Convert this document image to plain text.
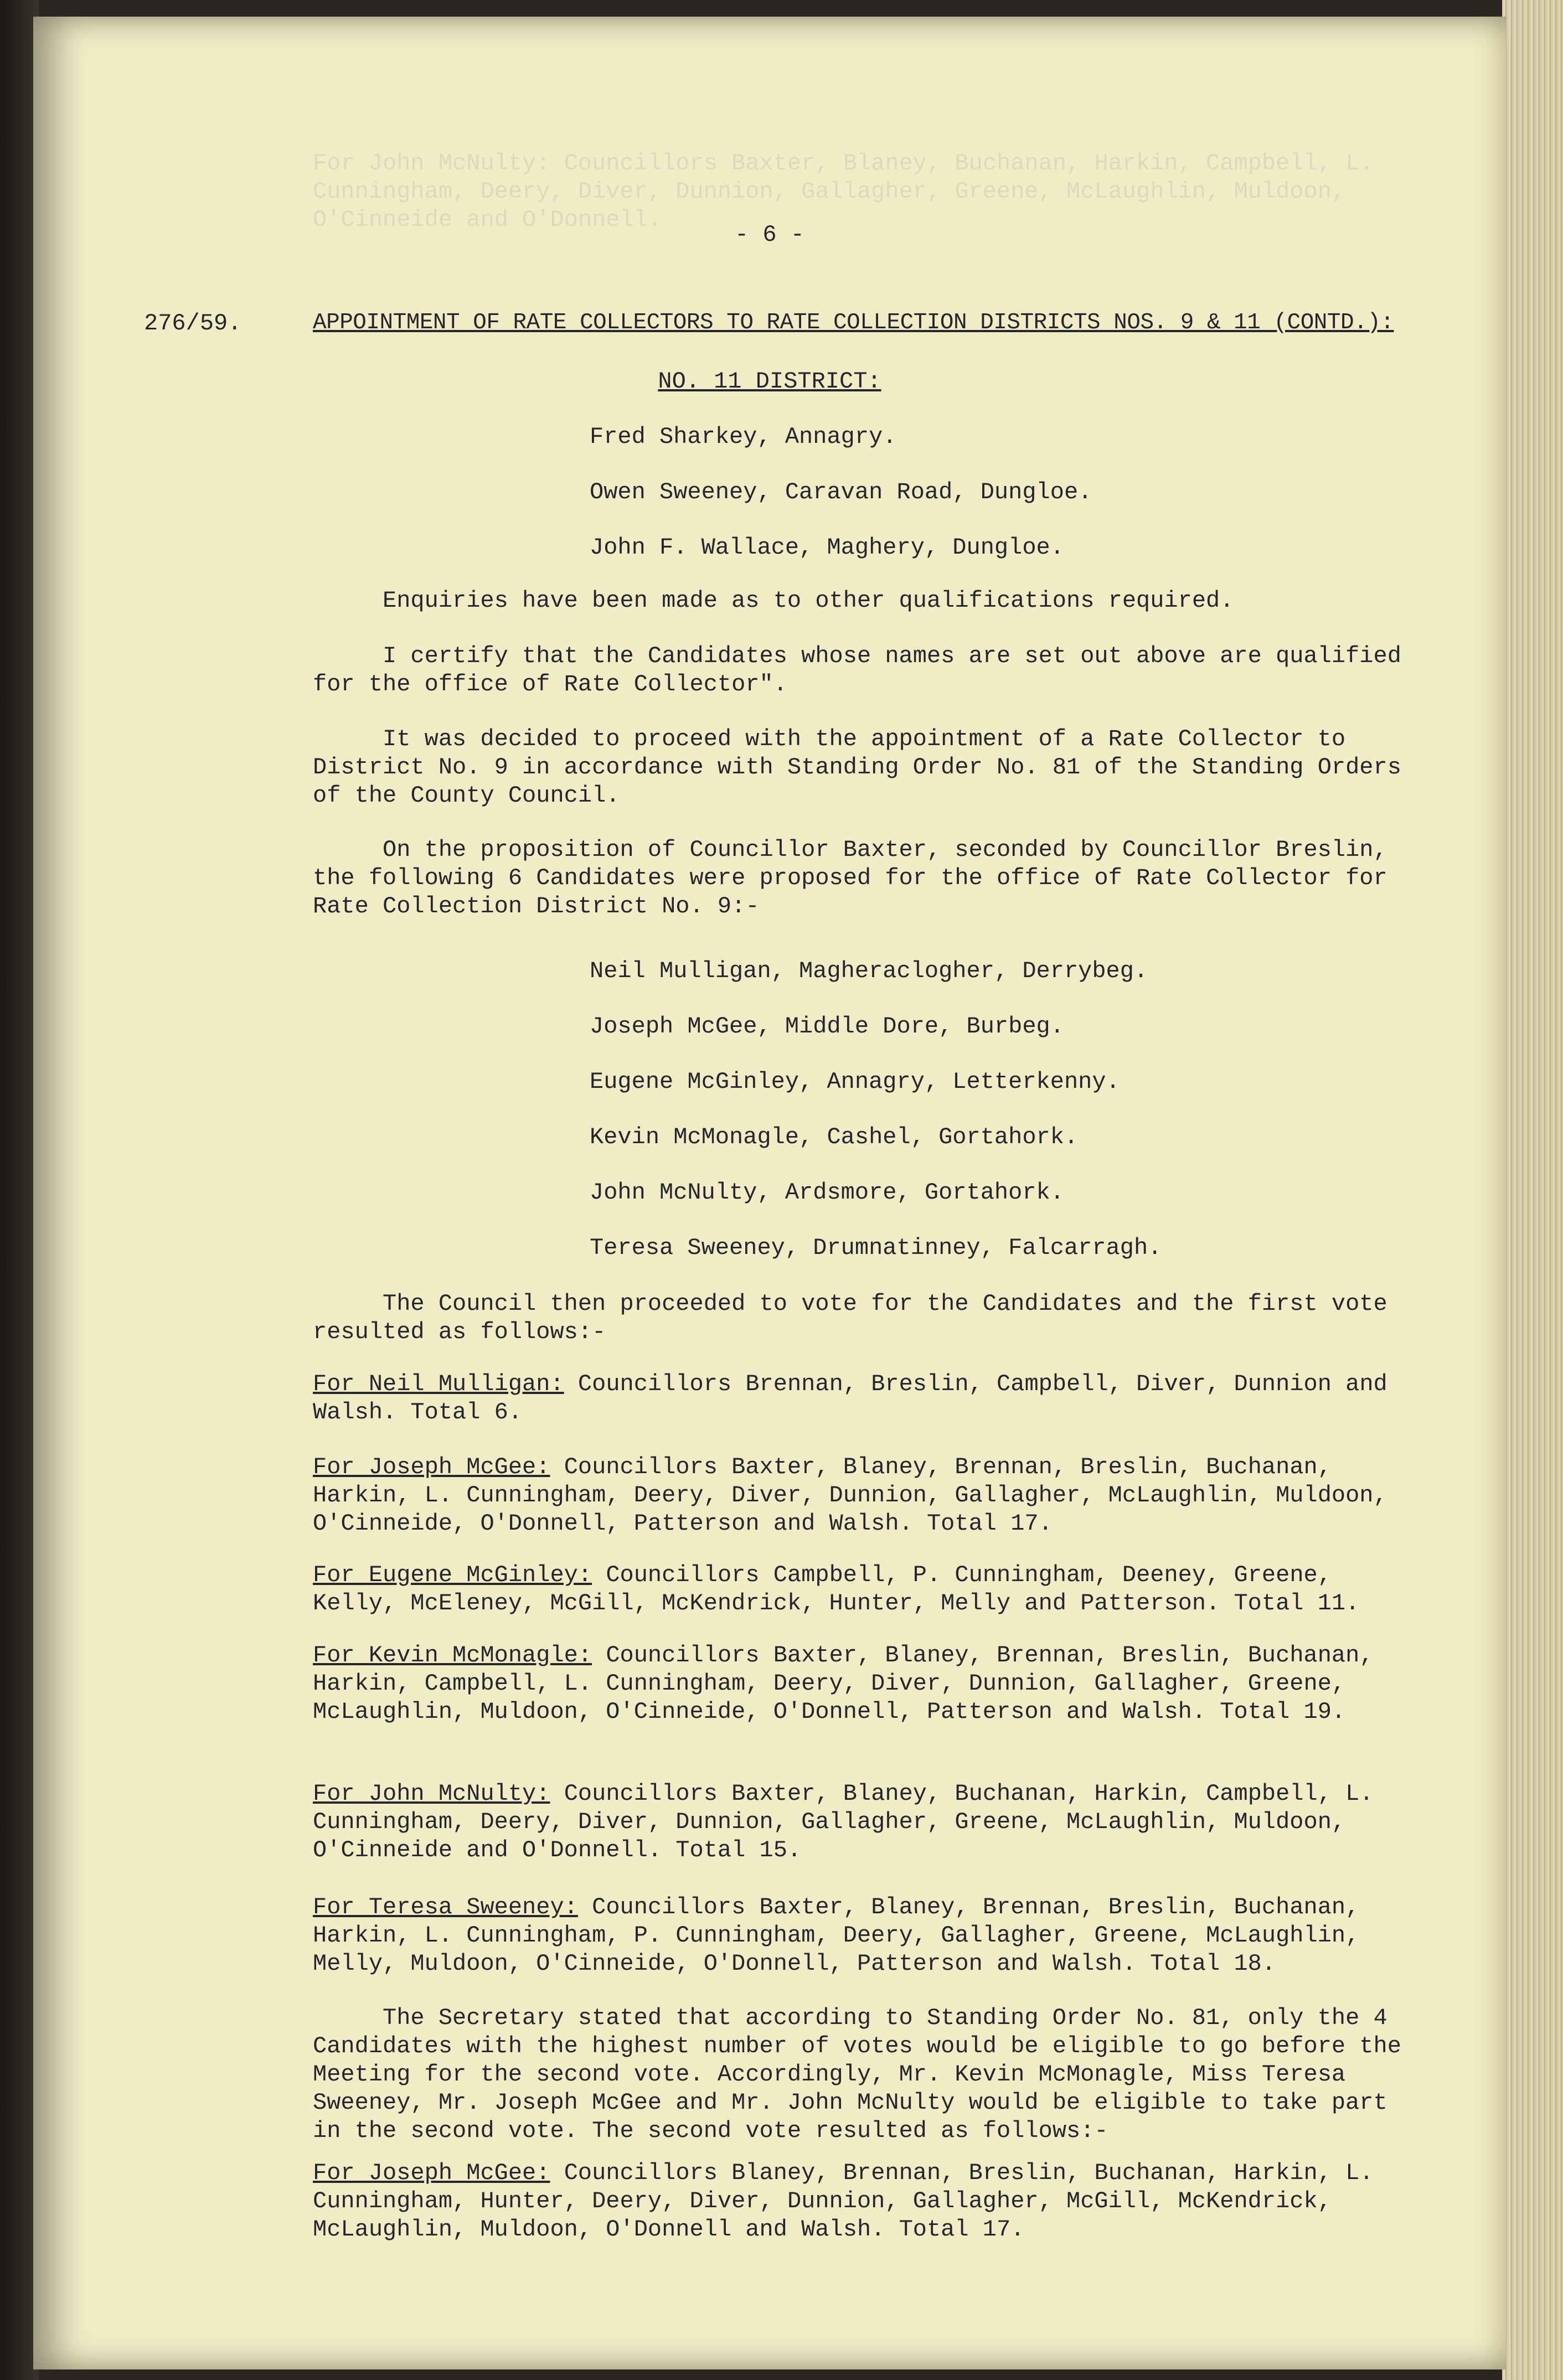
For John McNulty: Councillors Baxter, Blaney, Buchanan, Harkin, Campbell, L. Cunningham, Deery, Diver, Dunnion, Gallagher, Greene, McLaughlin, Muldoon, O'Cinneide and O'Donnell.
- 6 -
276/59.	APPOINTMENT OF RATE COLLECTORS TO RATE COLLECTION DISTRICTS NOS. 9 & 11 (CONTD.):
NO. 11 DISTRICT:
Fred Sharkey, Annagry.
Owen Sweeney, Caravan Road, Dungloe.
John F. Wallace, Maghery, Dungloe.
Enquiries have been made as to other qualifications required.
I certify that the Candidates whose names are set out above are qualified for the office of Rate Collector".
It was decided to proceed with the appointment of a Rate Collector to District No. 9 in accordance with Standing Order No. 81 of the Standing Orders of the County Council.
On the proposition of Councillor Baxter, seconded by Councillor Breslin, the following 6 Candidates were proposed for the office of Rate Collector for Rate Collection District No. 9:-
Neil Mulligan, Magheraclogher, Derrybeg.
Joseph McGee, Middle Dore, Burbeg.
Eugene McGinley, Annagry, Letterkenny.
Kevin McMonagle, Cashel, Gortahork.
John McNulty, Ardsmore, Gortahork.
Teresa Sweeney, Drumnatinney, Falcarragh.
The Council then proceeded to vote for the Candidates and the first vote resulted as follows:-
For Neil Mulligan: Councillors Brennan, Breslin, Campbell, Diver, Dunnion and Walsh. Total 6.
For Joseph McGee: Councillors Baxter, Blaney, Brennan, Breslin, Buchanan, Harkin, L. Cunningham, Deery, Diver, Dunnion, Gallagher, McLaughlin, Muldoon, O'Cinneide, O'Donnell, Patterson and Walsh. Total 17.
For Eugene McGinley: Councillors Campbell, P. Cunningham, Deeney, Greene, Kelly, McEleney, McGill, McKendrick, Hunter, Melly and Patterson. Total 11.
For Kevin McMonagle: Councillors Baxter, Blaney, Brennan, Breslin, Buchanan, Harkin, Campbell, L. Cunningham, Deery, Diver, Dunnion, Gallagher, Greene, McLaughlin, Muldoon, O'Cinneide, O'Donnell, Patterson and Walsh. Total 19.
For John McNulty: Councillors Baxter, Blaney, Buchanan, Harkin, Campbell, L. Cunningham, Deery, Diver, Dunnion, Gallagher, Greene, McLaughlin, Muldoon, O'Cinneide and O'Donnell. Total 15.
For Teresa Sweeney: Councillors Baxter, Blaney, Brennan, Breslin, Buchanan, Harkin, L. Cunningham, P. Cunningham, Deery, Gallagher, Greene, McLaughlin, Melly, Muldoon, O'Cinneide, O'Donnell, Patterson and Walsh. Total 18.
The Secretary stated that according to Standing Order No. 81, only the 4 Candidates with the highest number of votes would be eligible to go before the Meeting for the second vote. Accordingly, Mr. Kevin McMonagle, Miss Teresa Sweeney, Mr. Joseph McGee and Mr. John McNulty would be eligible to take part in the second vote. The second vote resulted as follows:-
For Joseph McGee: Councillors Blaney, Brennan, Breslin, Buchanan, Harkin, L. Cunningham, Hunter, Deery, Diver, Dunnion, Gallagher, McGill, McKendrick, McLaughlin, Muldoon, O'Donnell and Walsh. Total 17.
